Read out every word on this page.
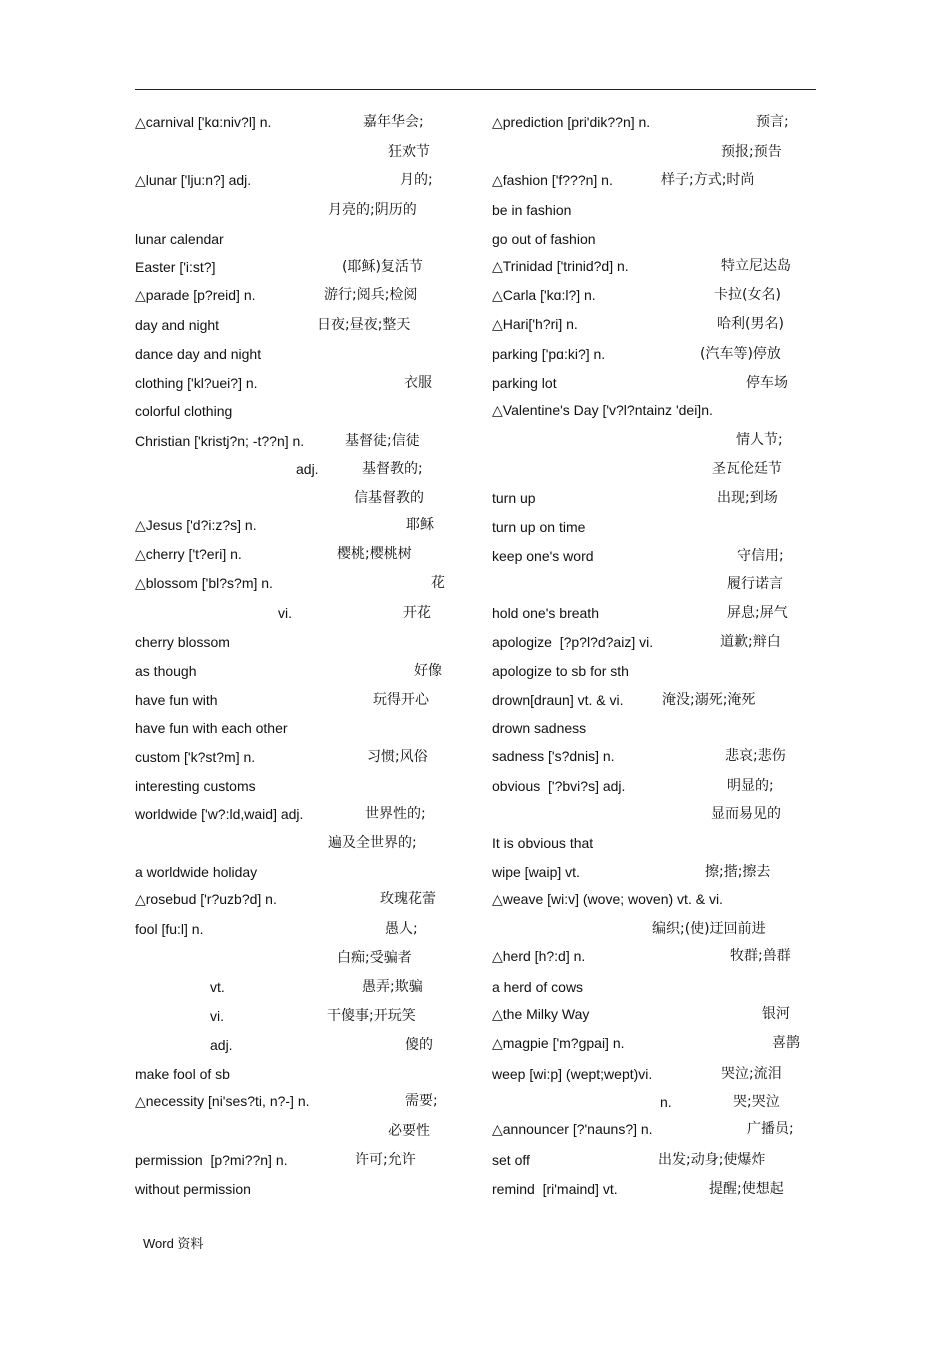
△carnival ['kɑ:niv?l] n.	嘉年华会;
狂欢节
△lunar ['lju:n?] adj.	月的;
月亮的;阴历的
lunar calendar
Easter ['i:st?]	(耶稣)复活节
△parade [p?reid] n.	游行;阅兵;检阅
day and night	日夜;昼夜;整天
dance day and night
clothing ['kl?uei?] n.	衣服
colorful clothing
Christian ['kristj?n; -t??n] n.	基督徒;信徒
adj.	基督教的;
信基督教的
△Jesus ['d?i:z?s] n.	耶稣
△cherry ['t?eri] n.	樱桃;樱桃树
△blossom ['bl?s?m] n.	花
vi.	开花
cherry blossom
as though	好像
have fun with	玩得开心
have fun with each other
custom ['k?st?m] n.	习惯;风俗
interesting customs
worldwide ['w?:ld,waid] adj.	世界性的;
遍及全世界的;
a worldwide holiday
△rosebud ['r?uzb?d] n.	玫瑰花蕾
fool [fu:l] n.	愚人;
白痴;受骗者
vt.	愚弄;欺骗
vi.	干傻事;开玩笑
adj.	傻的
make fool of sb
△necessity [ni'ses?ti, n?-] n.	需要;
必要性
permission  [p?mi??n] n.	许可;允许
without permission
△prediction [pri'dik??n] n.	预言;
预报;预告
△fashion ['f???n] n.	样子;方式;时尚
be in fashion
go out of fashion
△Trinidad ['trinid?d] n.	特立尼达岛
△Carla ['kɑ:l?] n.	卡拉(女名)
△Hari['h?ri] n.	哈利(男名)
parking ['pɑ:ki?] n.	(汽车等)停放
parking lot	停车场
△Valentine's Day ['v?l?ntainz 'dei]n.
情人节;
圣瓦伦廷节
turn up	出现;到场
turn up on time
keep one's word	守信用;
履行诺言
hold one's breath	屏息;屏气
apologize  [?p?l?d?aiz] vi.	道歉;辩白
apologize to sb for sth
drown[draun] vt. & vi.	淹没;溺死;淹死
drown sadness
sadness ['s?dnis] n.	悲哀;悲伤
obvious  ['?bvi?s] adj.	明显的;
显而易见的
It is obvious that
wipe [waip] vt.	擦;揩;擦去
△weave [wi:v] (wove; woven) vt. & vi.
编织;(使)迂回前进
△herd [h?:d] n.	牧群;兽群
a herd of cows
△the Milky Way	银河
△magpie ['m?gpai] n.	喜鹊
weep [wi:p] (wept;wept)vi.	哭泣;流泪
n.	哭;哭泣
△announcer [?'nauns?] n.	广播员;
set off	出发;动身;使爆炸
remind  [ri'maind] vt.	提醒;使想起
Word 资料
